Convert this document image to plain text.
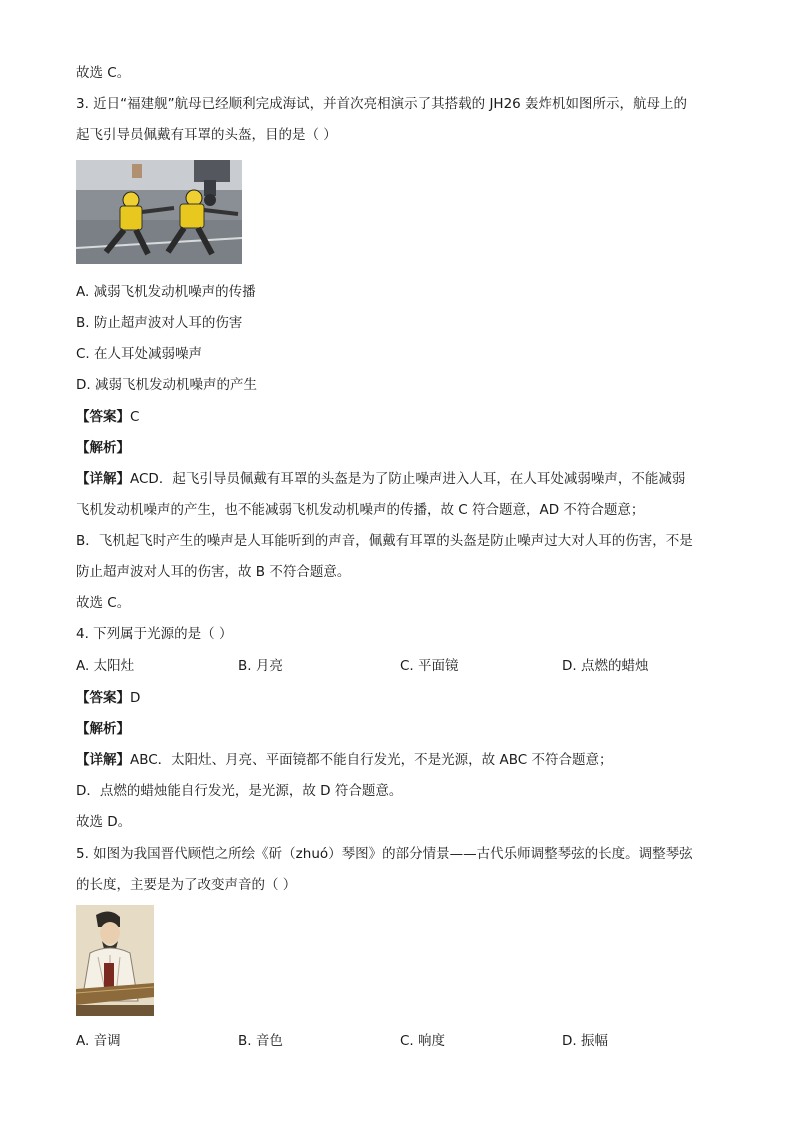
故选 C。
3. 近日“福建舰”航母已经顺利完成海试，并首次亮相演示了其搭载的 JH26 轰炸机如图所示，航母上的
起飞引导员佩戴有耳罩的头盔，目的是（ ）
A. 减弱飞机发动机噪声的传播
B. 防止超声波对人耳的伤害
C. 在人耳处减弱噪声
D. 减弱飞机发动机噪声的产生
【答案】C
【解析】
【详解】ACD．起飞引导员佩戴有耳罩的头盔是为了防止噪声进入人耳，在人耳处减弱噪声，不能减弱
飞机发动机噪声的产生，也不能减弱飞机发动机噪声的传播，故 C 符合题意，AD 不符合题意；
B．飞机起飞时产生的噪声是人耳能听到的声音，佩戴有耳罩的头盔是防止噪声过大对人耳的伤害，不是
防止超声波对人耳的伤害，故 B 不符合题意。
故选 C。
4. 下列属于光源的是（ ）
A. 太阳灶	B. 月亮	C. 平面镜	D. 点燃的蜡烛
【答案】D
【解析】
【详解】ABC．太阳灶、月亮、平面镜都不能自行发光，不是光源，故 ABC 不符合题意；
D．点燃的蜡烛能自行发光，是光源，故 D 符合题意。
故选 D。
5. 如图为我国晋代顾恺之所绘《斫（zhuó）琴图》的部分情景——古代乐师调整琴弦的长度。调整琴弦
的长度，主要是为了改变声音的（ ）
A. 音调	B. 音色	C. 响度	D. 振幅
